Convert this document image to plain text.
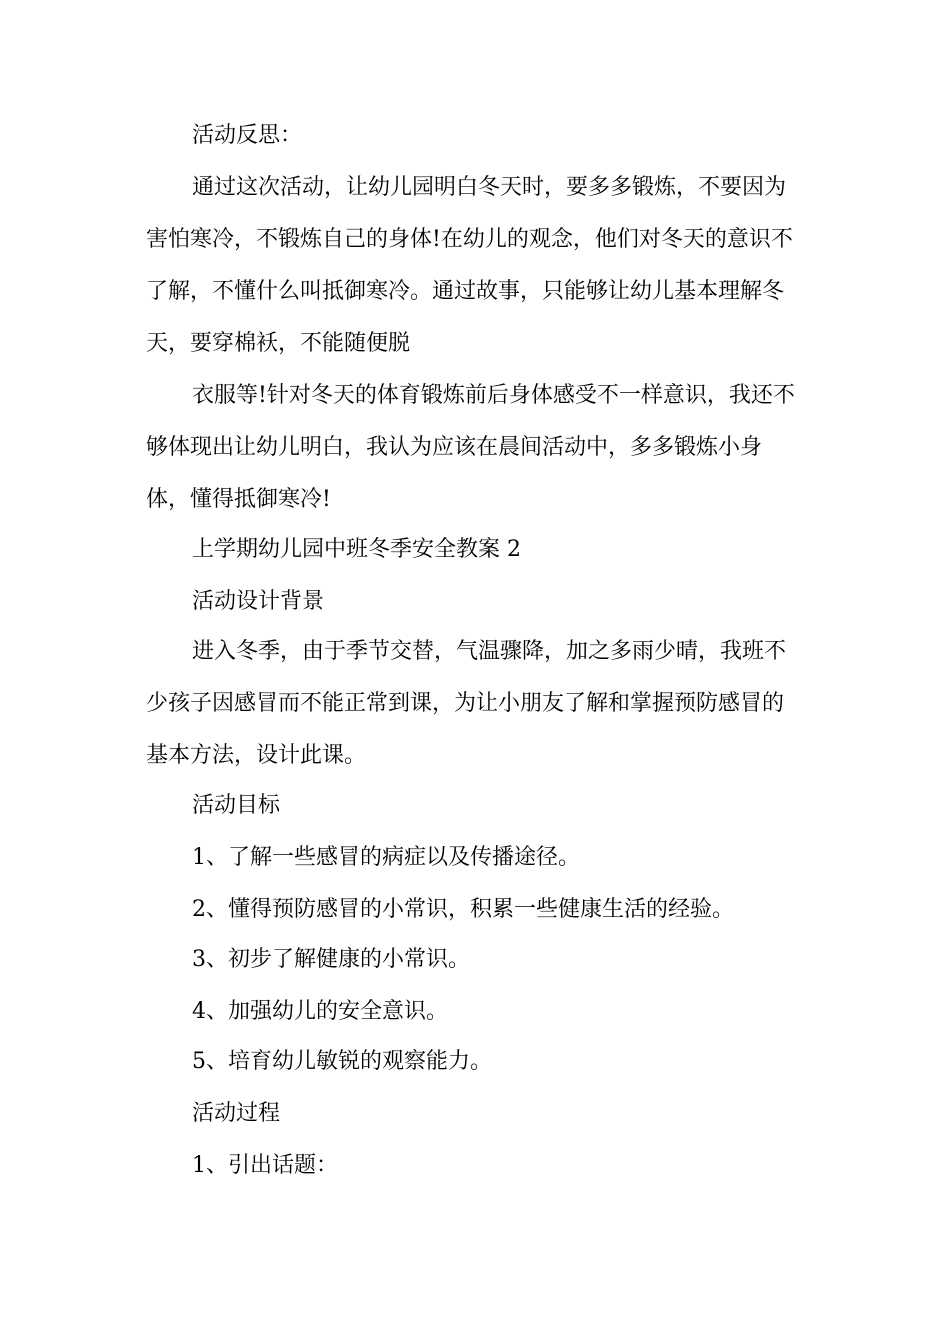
活动反思：

通过这次活动，让幼儿园明白冬天时，要多多锻炼，不要因为
害怕寒冷，不锻炼自己的身体!在幼儿的观念，他们对冬天的意识不
了解，不懂什么叫抵御寒冷。通过故事，只能够让幼儿基本理解冬
天，要穿棉袄，不能随便脱

衣服等!针对冬天的体育锻炼前后身体感受不一样意识，我还不
够体现出让幼儿明白，我认为应该在晨间活动中，多多锻炼小身
体，懂得抵御寒冷!

上学期幼儿园中班冬季安全教案 2

活动设计背景

进入冬季，由于季节交替，气温骤降，加之多雨少晴，我班不
少孩子因感冒而不能正常到课，为让小朋友了解和掌握预防感冒的
基本方法，设计此课。

活动目标

1、了解一些感冒的病症以及传播途径。

2、懂得预防感冒的小常识，积累一些健康生活的经验。

3、初步了解健康的小常识。

4、加强幼儿的安全意识。

5、培育幼儿敏锐的观察能力。

活动过程

1、引出话题：
